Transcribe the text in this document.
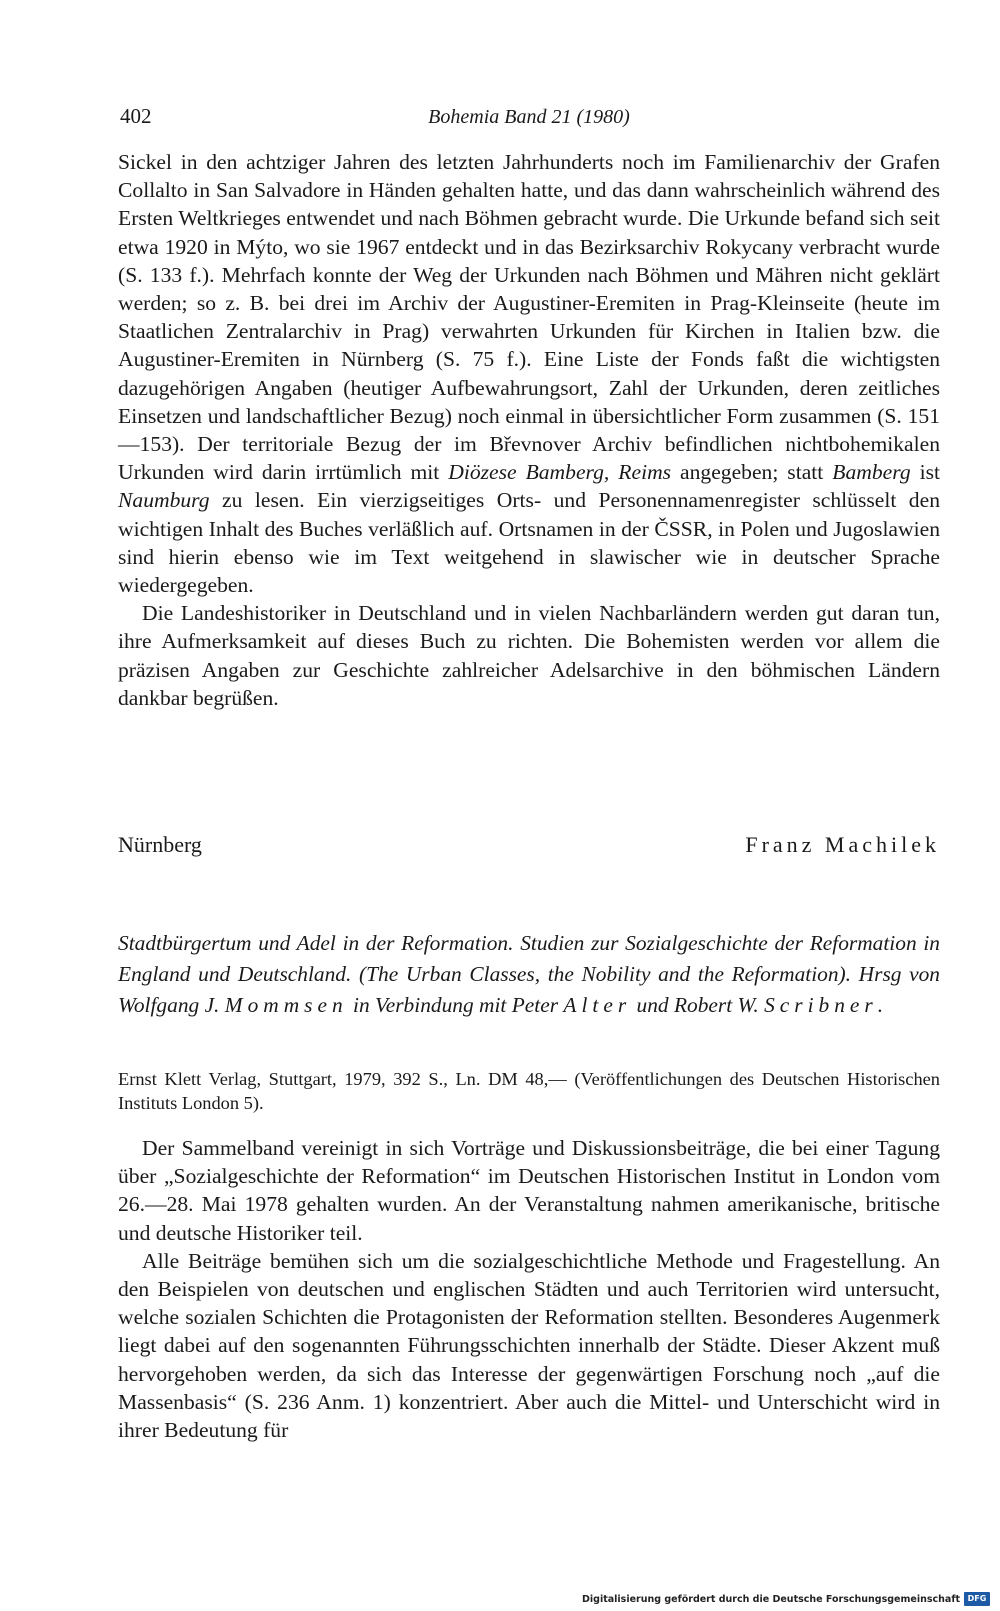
402	Bohemia Band 21 (1980)

Sickel in den achtziger Jahren des letzten Jahrhunderts noch im Familienarchiv der Grafen Collalto in San Salvadore in Händen gehalten hatte, und das dann wahrscheinlich während des Ersten Weltkrieges entwendet und nach Böhmen gebracht wurde. Die Urkunde befand sich seit etwa 1920 in Mýto, wo sie 1967 entdeckt und in das Bezirksarchiv Rokycany verbracht wurde (S. 133 f.). Mehrfach konnte der Weg der Urkunden nach Böhmen und Mähren nicht geklärt werden; so z. B. bei drei im Archiv der Augustiner-Eremiten in Prag-Kleinseite (heute im Staatlichen Zentralarchiv in Prag) verwahrten Urkunden für Kirchen in Italien bzw. die Augustiner-Eremiten in Nürnberg (S. 75 f.). Eine Liste der Fonds faßt die wichtigsten dazugehörigen Angaben (heutiger Aufbewahrungsort, Zahl der Urkunden, deren zeitliches Einsetzen und landschaftlicher Bezug) noch einmal in übersichtlicher Form zusammen (S. 151—153). Der territoriale Bezug der im Břevnover Archiv befindlichen nichtbohemikalen Urkunden wird darin irrtümlich mit Diözese Bamberg, Reims angegeben; statt Bamberg ist Naumburg zu lesen. Ein vierzigseitiges Orts- und Personennamenregister schlüsselt den wichtigen Inhalt des Buches verläßlich auf. Ortsnamen in der ČSSR, in Polen und Jugoslawien sind hierin ebenso wie im Text weitgehend in slawischer wie in deutscher Sprache wiedergegeben.

Die Landeshistoriker in Deutschland und in vielen Nachbarländern werden gut daran tun, ihre Aufmerksamkeit auf dieses Buch zu richten. Die Bohemisten werden vor allem die präzisen Angaben zur Geschichte zahlreicher Adelsarchive in den böhmischen Ländern dankbar begrüßen.

Nürnberg	Franz Machilek
Stadtbürgertum und Adel in der Reformation. Studien zur Sozialgeschichte der Reformation in England und Deutschland. (The Urban Classes, the Nobility and the Reformation). Hrsg von Wolfgang J. Mommsen in Verbindung mit Peter Alter und Robert W. Scribner.
Ernst Klett Verlag, Stuttgart, 1979, 392 S., Ln. DM 48,— (Veröffentlichungen des Deutschen Historischen Instituts London 5).

Der Sammelband vereinigt in sich Vorträge und Diskussionsbeiträge, die bei einer Tagung über „Sozialgeschichte der Reformation“ im Deutschen Historischen Institut in London vom 26.—28. Mai 1978 gehalten wurden. An der Veranstaltung nahmen amerikanische, britische und deutsche Historiker teil.

Alle Beiträge bemühen sich um die sozialgeschichtliche Methode und Fragestellung. An den Beispielen von deutschen und englischen Städten und auch Territorien wird untersucht, welche sozialen Schichten die Protagonisten der Reformation stellten. Besonderes Augenmerk liegt dabei auf den sogenannten Führungsschichten innerhalb der Städte. Dieser Akzent muß hervorgehoben werden, da sich das Interesse der gegenwärtigen Forschung noch „auf die Massenbasis“ (S. 236 Anm. 1) konzentriert. Aber auch die Mittel- und Unterschicht wird in ihrer Bedeutung für

Digitalisierung gefördert durch die Deutsche Forschungsgemeinschaft DFG
